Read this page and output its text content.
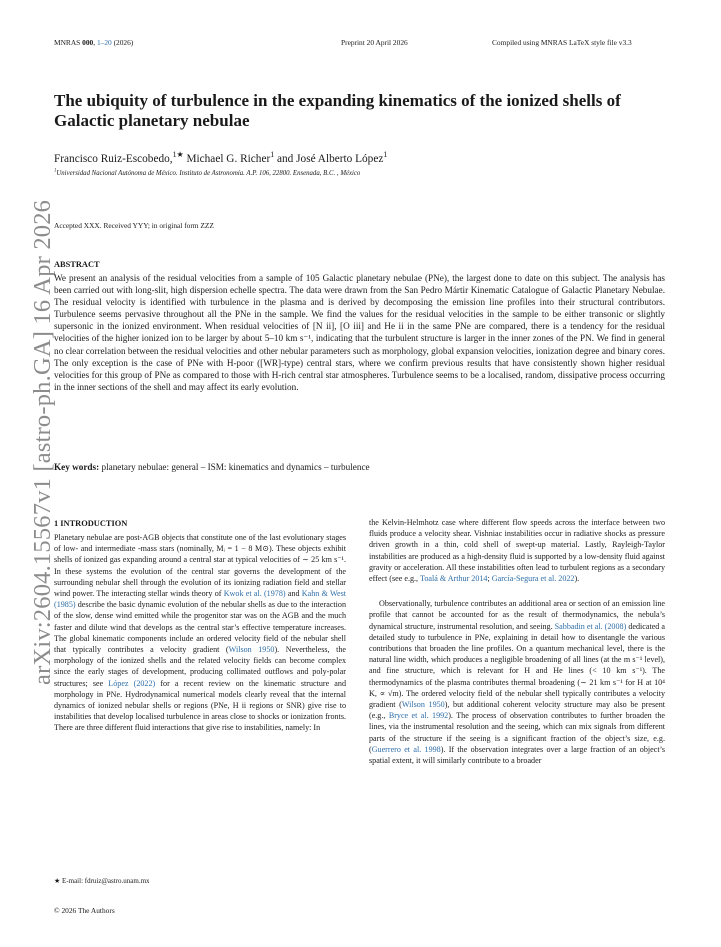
MNRAS 000, 1–20 (2026)	Preprint 20 April 2026	Compiled using MNRAS LaTeX style file v3.3
arXiv:2604.15567v1 [astro-ph.GA] 16 Apr 2026
The ubiquity of turbulence in the expanding kinematics of the ionized shells of Galactic planetary nebulae
Francisco Ruiz-Escobedo,$^{1★}$ Michael G. Richer$^1$ and José Alberto López$^1$
$^1$Universidad Nacional Autónoma de México. Instituto de Astronomía. A.P. 106, 22800. Ensenada, B.C. , México
Accepted XXX. Received YYY; in original form ZZZ
ABSTRACT
We present an analysis of the residual velocities from a sample of 105 Galactic planetary nebulae (PNe), the largest done to date on this subject. The analysis has been carried out with long-slit, high dispersion echelle spectra. The data were drawn from the San Pedro Mártir Kinematic Catalogue of Galactic Planetary Nebulae. The residual velocity is identified with turbulence in the plasma and is derived by decomposing the emission line profiles into their structural contributors. Turbulence seems pervasive throughout all the PNe in the sample. We find the values for the residual velocities in the sample to be either transonic or slightly supersonic in the ionized environment. When residual velocities of [N ii], [O iii] and He ii in the same PNe are compared, there is a tendency for the residual velocities of the higher ionized ion to be larger by about 5–10 km s⁻¹, indicating that the turbulent structure is larger in the inner zones of the PN. We find in general no clear correlation between the residual velocities and other nebular parameters such as morphology, global expansion velocities, ionization degree and binary cores. The only exception is the case of PNe with H-poor ([WR]-type) central stars, where we confirm previous results that have consistently shown higher residual velocities for this group of PNe as compared to those with H-rich central star atmospheres. Turbulence seems to be a localised, random, dissipative process occurring in the inner sections of the shell and may affect its early evolution.
Key words: planetary nebulae: general – ISM: kinematics and dynamics – turbulence
1 INTRODUCTION
Planetary nebulae are post-AGB objects that constitute one of the last evolutionary stages of low- and intermediate -mass stars (nominally, Mᵢ = 1 − 8 M⊙). These objects exhibit shells of ionized gas expanding around a central star at typical velocities of ∼ 25 km s⁻¹. In these systems the evolution of the central star governs the development of the surrounding nebular shell through the evolution of its ionizing radiation field and stellar wind power. The interacting stellar winds theory of Kwok et al. (1978) and Kahn & West (1985) describe the basic dynamic evolution of the nebular shells as due to the interaction of the slow, dense wind emitted while the progenitor star was on the AGB and the much faster and dilute wind that develops as the central star’s effective temperature increases. The global kinematic components include an ordered velocity field of the nebular shell that typically contributes a velocity gradient (Wilson 1950). Nevertheless, the morphology of the ionized shells and the related velocity fields can become complex since the early stages of development, producing collimated outflows and poly-polar structures; see López (2022) for a recent review on the kinematic structure and morphology in PNe. Hydrodynamical numerical models clearly reveal that the internal dynamics of ionized nebular shells or regions (PNe, H ii regions or SNR) give rise to instabilities that develop localised turbulence in areas close to shocks or ionization fronts. There are three different fluid interactions that give rise to instabilities, namely: In

the Kelvin-Helmhotz case where different flow speeds across the interface between two fluids produce a velocity shear. Vishniac instabilities occur in radiative shocks as pressure driven growth in a thin, cold shell of swept-up material. Lastly, Rayleigh-Taylor instabilities are produced as a high-density fluid is supported by a low-density fluid against gravity or acceleration. All these instabilities often lead to turbulent regions as a secondary effect (see e.g., Toalá & Arthur 2014; García-Segura et al. 2022).

Observationally, turbulence contributes an additional area or section of an emission line profile that cannot be accounted for as the result of thermodynamics, the nebula’s dynamical structure, instrumental resolution, and seeing. Sabbadin et al. (2008) dedicated a detailed study to turbulence in PNe, explaining in detail how to disentangle the various contributions that broaden the line profiles. On a quantum mechanical level, there is the natural line width, which produces a negligible broadening of all lines (at the m s⁻¹ level), and fine structure, which is relevant for H and He lines (< 10 km s⁻¹). The thermodynamics of the plasma contributes thermal broadening (∼ 21 km s⁻¹ for H at 10⁴ K, ∝ √m). The ordered velocity field of the nebular shell typically contributes a velocity gradient (Wilson 1950), but additional coherent velocity structure may also be present (e.g., Bryce et al. 1992). The process of observation contributes to further broaden the lines, via the instrumental resolution and the seeing, which can mix signals from different parts of the structure if the seeing is a significant fraction of the object’s size, e.g. (Guerrero et al. 1998). If the observation integrates over a large fraction of an object’s spatial extent, it will similarly contribute to a broader

★ E-mail: fdruiz@astro.unam.mx
© 2026 The Authors
